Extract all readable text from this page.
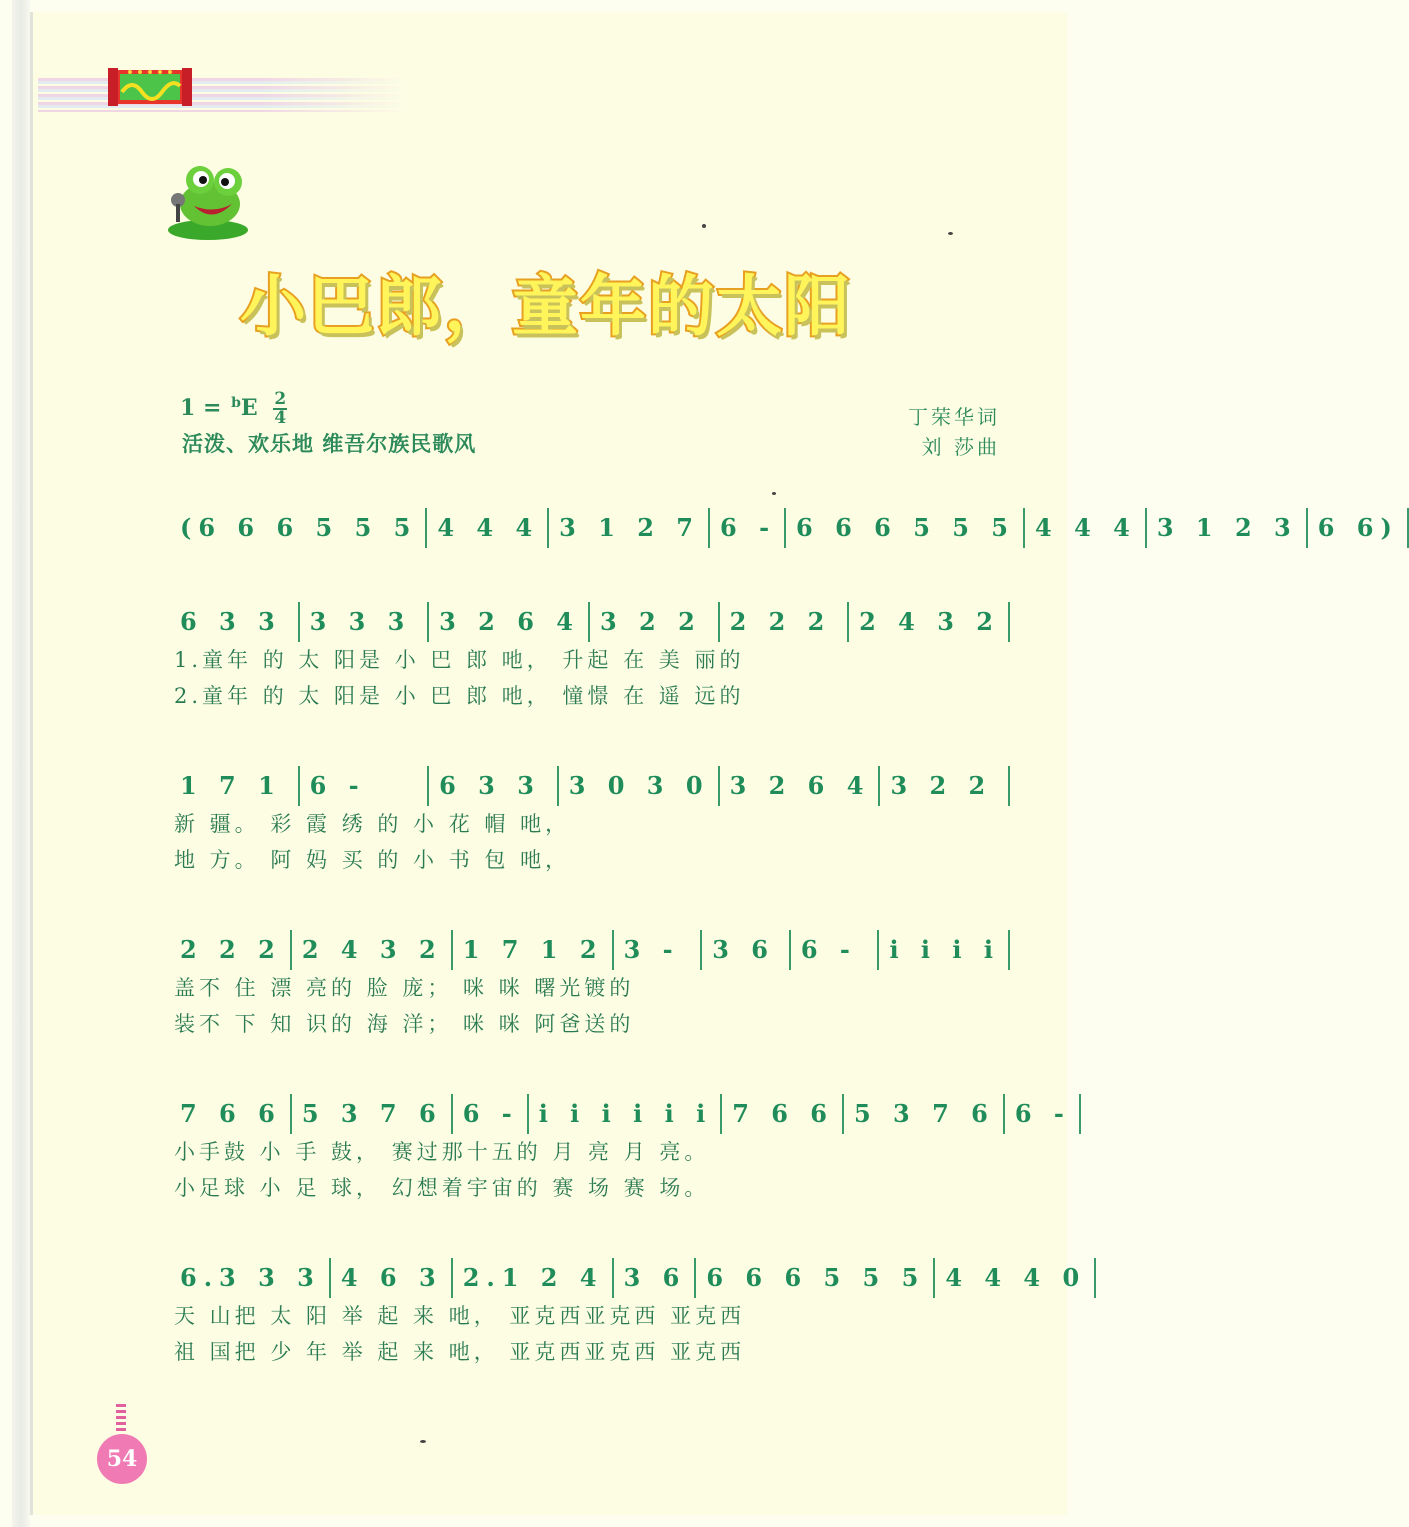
小巴郎，童年的太阳
$1 = ^bE \frac{2}{4}$
活泼、欢乐地 维吾尔族民歌风
丁荣华词
刘 莎曲
(6 6 6 5 5 5 4 4 4 3 1 2 7 6 - 6 6 6 5 5 5 4 4 4 3 1 2 3 6 6)
6 3 3	3 3 3	3 2 6 4 3 2 2	2 2 2	2 4 3 2
1.童年 的 太 阳是 小 巴 郎 吔， 升起 在 美 丽的
2.童年 的 太 阳是 小 巴 郎 吔， 憧憬 在 遥 远的
1 7 1	6 -	6 3 3	3 0 3 0 3 2 6 4 3 2 2
新 疆。 彩 霞 绣 的 小 花 帽 吔，
地 方。 阿 妈 买 的 小 书 包 吔，
2 2 2 2 4 3 2 1 7 1 2 3 -	3 6	6 -	i i i i
盖不 住 漂 亮的 脸 庞； 咪 咪 曙光镀的
装不 下 知 识的 海 洋； 咪 咪 阿爸送的
7 6 6 5 3 7 6 6 - i i i i i i 7 6 6 5 3 7 6 6 -
小手鼓 小 手 鼓， 赛过那十五的 月 亮 月 亮。
小足球 小 足 球， 幻想着宇宙的 赛 场 赛 场。
6.3 3 3 4 6 3 2.1 2 4 3 6 6 6 6 5 5 5 4 4 4 0
天 山把 太 阳 举 起 来 吔， 亚克西亚克西 亚克西
祖 国把 少 年 举 起 来 吔， 亚克西亚克西 亚克西
54
